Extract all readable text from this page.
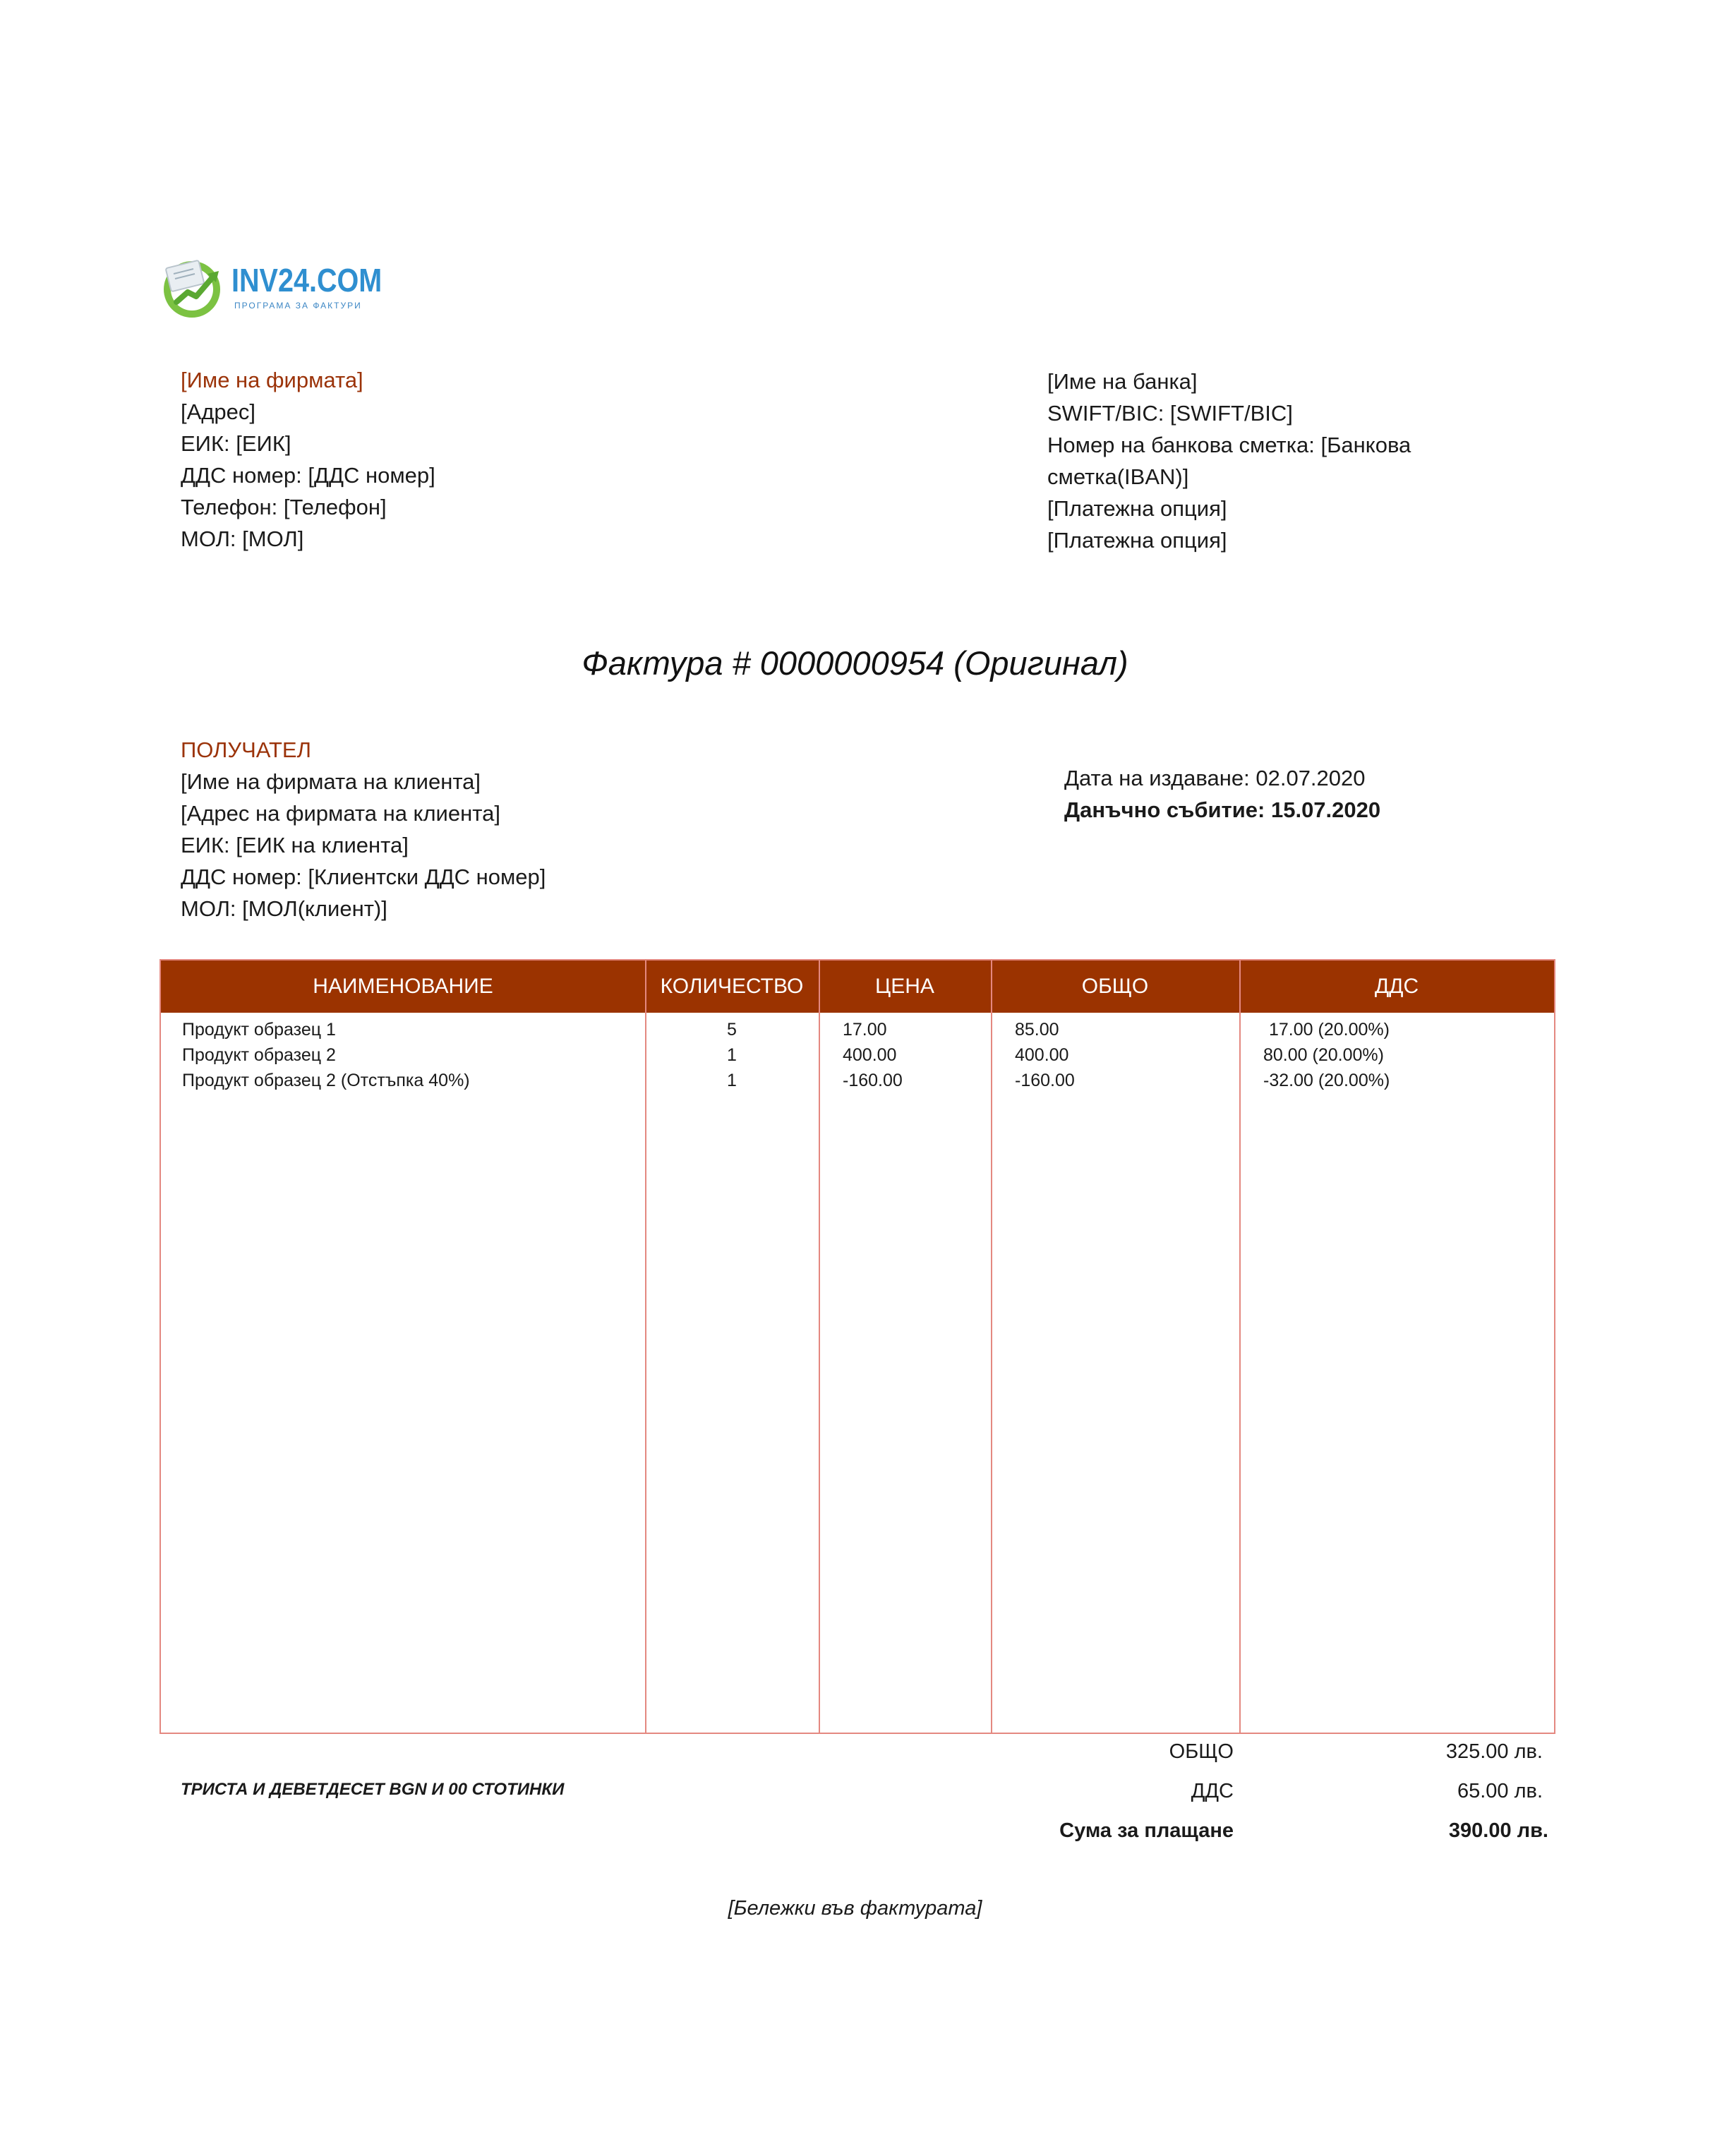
INV24.COM
ПРОГРАМА ЗА ФАКТУРИ
[Име на фирмата]
[Адрес]
ЕИК: [ЕИК]
ДДС номер: [ДДС номер]
Телефон: [Телефон]
МОЛ: [МОЛ]
[Име на банка]
SWIFT/BIC: [SWIFT/BIC]
Номер на банкова сметка: [Банкова сметка(IBAN)]
[Платежна опция]
[Платежна опция]
Фактура # 0000000954 (Оригинал)
ПОЛУЧАТЕЛ
[Име на фирмата на клиента]
[Адрес на фирмата на клиента]
ЕИК: [ЕИК на клиента]
ДДС номер: [Клиентски ДДС номер]
МОЛ: [МОЛ(клиент)]
Дата на издаване: 02.07.2020
Данъчно събитие: 15.07.2020
НАИМЕНОВАНИЕ	КОЛИЧЕСТВО	ЦЕНА	ОБЩО	ДДС
Продукт образец 1	5	17.00	85.00	17.00 (20.00%)
Продукт образец 2	1	400.00	400.00	80.00 (20.00%)
Продукт образец 2 (Отстъпка 40%)	1	-160.00	-160.00	-32.00 (20.00%)
ТРИСТА И ДЕВЕТДЕСЕТ BGN И 00 СТОТИНКИ
ОБЩО	325.00 лв.
ДДС	65.00 лв.
Сума за плащане	390.00 лв.
[Бележки във фактурата]
